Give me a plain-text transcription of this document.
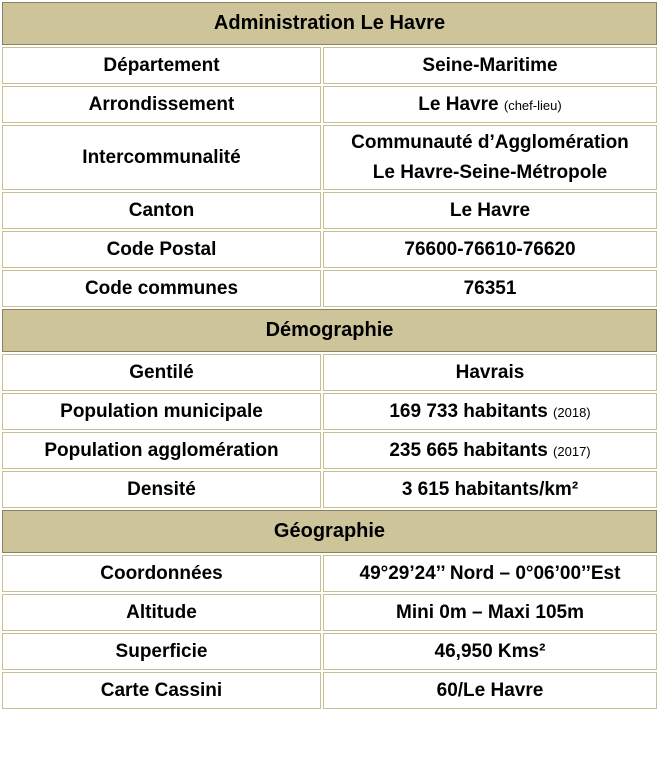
Administration Le Havre	
Département	Seine-Maritime
Arrondissement	Le Havre (chef-lieu)
Intercommunalité	Communauté d’Agglomération
Le Havre-Seine-Métropole

Canton	Le Havre
Code Postal	76600-76610-76620
Code communes	76351
Démographie	
Gentilé	Havrais
Population municipale	169 733 habitants (2018)
Population agglomération	235 665 habitants (2017)
Densité	3 615 habitants/km²
Géographie	
Coordonnées	49°29’24’’ Nord – 0°06’00’’Est
Altitude	Mini 0m – Maxi 105m
Superficie	46,950 Kms²
Carte Cassini	60/Le Havre
